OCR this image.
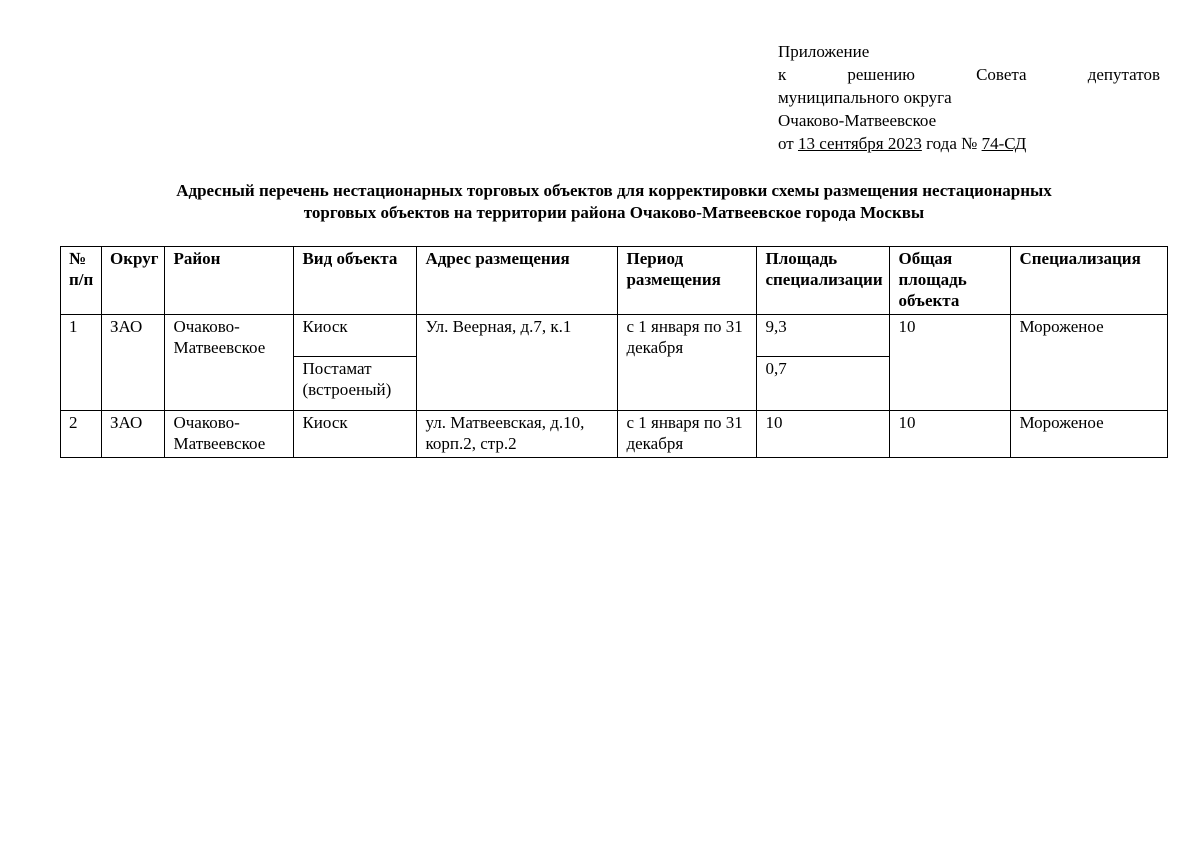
Приложение
к	решению	Совета	депутатов
муниципального округа
Очаково-Матвеевское
от 13 сентября 2023 года № 74-СД
Адресный перечень нестационарных торговых объектов для корректировки схемы размещения нестационарных
торговых объектов на территории района Очаково-Матвеевское города Москвы
№ п/п	Округ	Район	Вид объекта	Адрес размещения	Период размещения	Площадь специализации	Общая площадь объекта	Специализация
1	ЗАО	Очаково-Матвеевское	Киоск	Ул. Веерная, д.7, к.1	с 1 января по 31 декабря	9,3	10	Мороженое
			Постамат (встроеный)			0,7		
2	ЗАО	Очаково-Матвеевское	Киоск	ул. Матвеевская, д.10, корп.2, стр.2	с 1 января по 31 декабря	10	10	Мороженое
